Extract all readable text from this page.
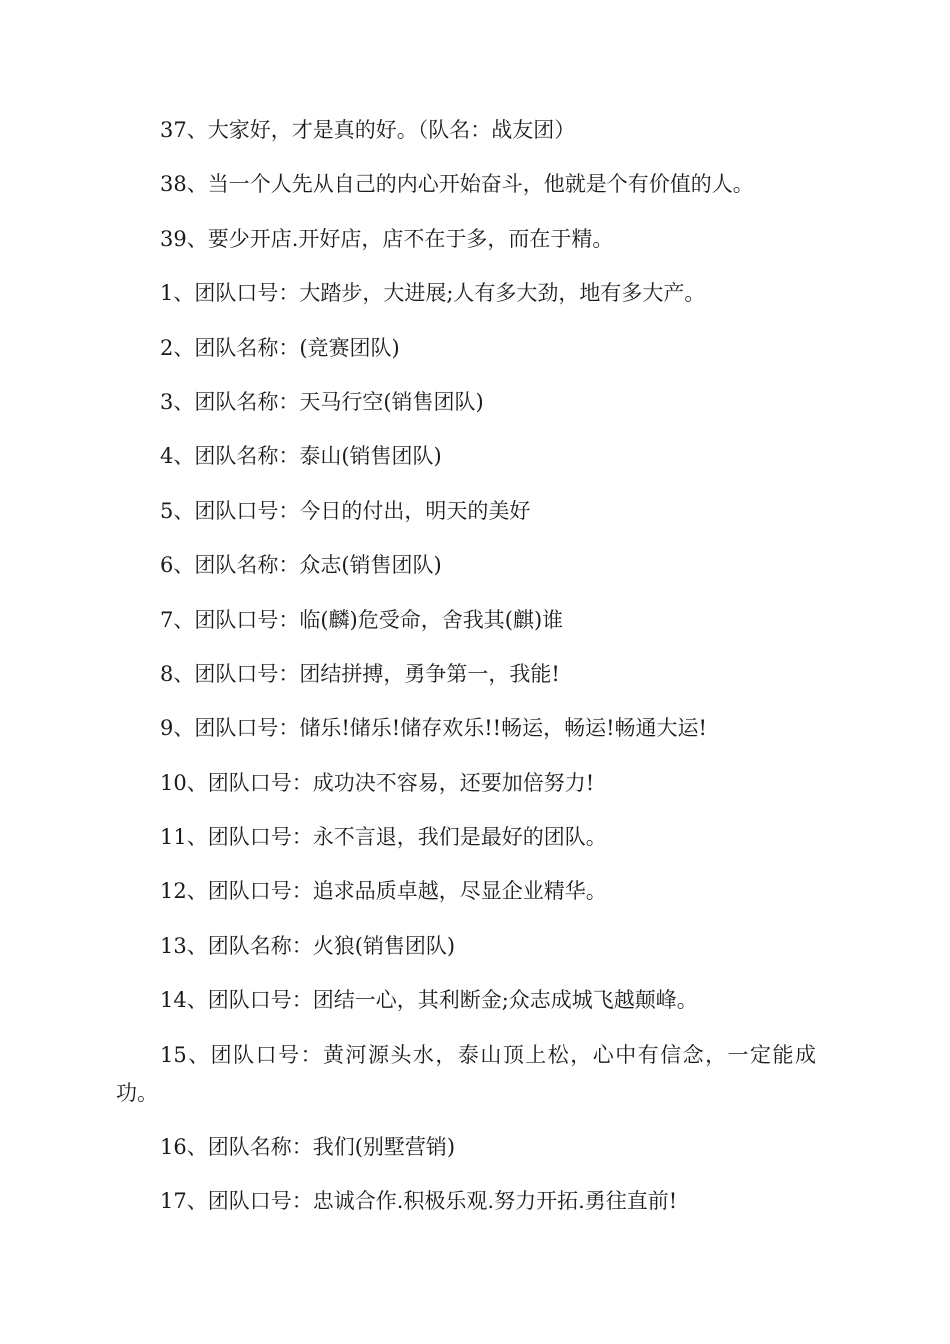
37、大家好，才是真的好。（队名：战友团）

38、当一个人先从自己的内心开始奋斗，他就是个有价值的人。

39、要少开店.开好店，店不在于多，而在于精。

1、团队口号：大踏步，大进展;人有多大劲，地有多大产。

2、团队名称：(竞赛团队)

3、团队名称：天马行空(销售团队)

4、团队名称：泰山(销售团队)

5、团队口号：今日的付出，明天的美好

6、团队名称：众志(销售团队)

7、团队口号：临(麟)危受命，舍我其(麒)谁

8、团队口号：团结拼搏，勇争第一，我能!

9、团队口号：储乐!储乐!储存欢乐!!畅运，畅运!畅通大运!

10、团队口号：成功决不容易，还要加倍努力!

11、团队口号：永不言退，我们是最好的团队。

12、团队口号：追求品质卓越，尽显企业精华。

13、团队名称：火狼(销售团队)

14、团队口号：团结一心，其利断金;众志成城飞越颠峰。

15、团队口号：黄河源头水，泰山顶上松，心中有信念，一定能成功。

16、团队名称：我们(别墅营销)

17、团队口号：忠诚合作.积极乐观.努力开拓.勇往直前!
